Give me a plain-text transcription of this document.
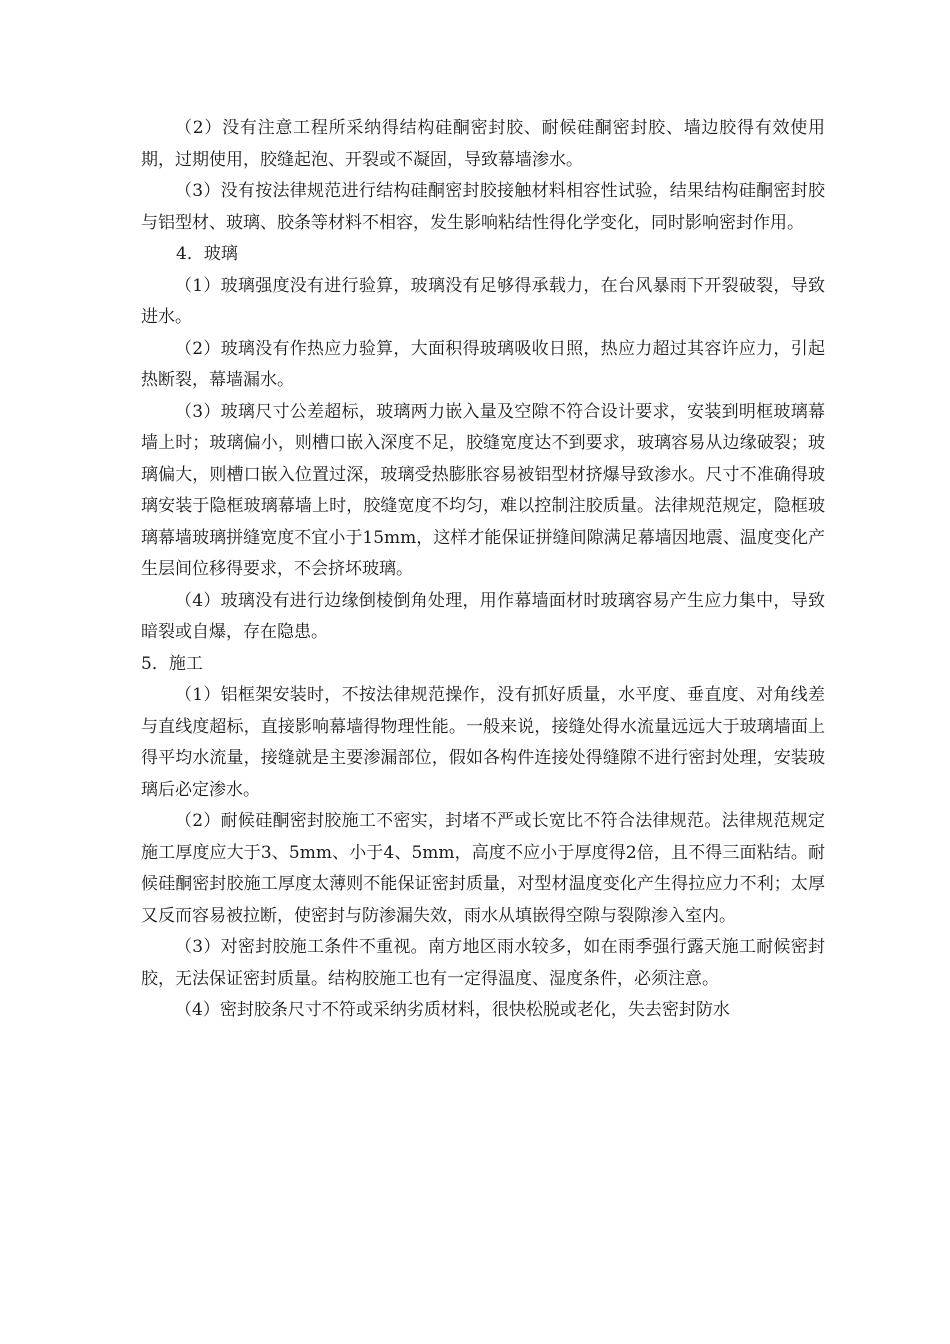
（2）没有注意工程所采纳得结构硅酮密封胶、耐候硅酮密封胶、墙边胶得有效使用期，过期使用，胶缝起泡、开裂或不凝固，导致幕墙渗水。

（3）没有按法律规范进行结构硅酮密封胶接触材料相容性试验，结果结构硅酮密封胶与铝型材、玻璃、胶条等材料不相容，发生影响粘结性得化学变化，同时影响密封作用。

4．玻璃

（1）玻璃强度没有进行验算，玻璃没有足够得承载力，在台风暴雨下开裂破裂，导致进水。

（2）玻璃没有作热应力验算，大面积得玻璃吸收日照，热应力超过其容许应力，引起热断裂，幕墙漏水。

（3）玻璃尺寸公差超标，玻璃两力嵌入量及空隙不符合设计要求，安装到明框玻璃幕墙上时；玻璃偏小，则槽口嵌入深度不足，胶缝宽度达不到要求，玻璃容易从边缘破裂；玻璃偏大，则槽口嵌入位置过深，玻璃受热膨胀容易被铝型材挤爆导致渗水。尺寸不准确得玻璃安装于隐框玻璃幕墙上时，胶缝宽度不均匀，难以控制注胶质量。法律规范规定，隐框玻璃幕墙玻璃拼缝宽度不宜小于15mm，这样才能保证拼缝间隙满足幕墙因地震、温度变化产生层间位移得要求，不会挤坏玻璃。

（4）玻璃没有进行边缘倒棱倒角处理，用作幕墙面材时玻璃容易产生应力集中，导致暗裂或自爆，存在隐患。

5．施工

（1）铝框架安装时，不按法律规范操作，没有抓好质量，水平度、垂直度、对角线差与直线度超标，直接影响幕墙得物理性能。一般来说，接缝处得水流量远远大于玻璃墙面上得平均水流量，接缝就是主要渗漏部位，假如各构件连接处得缝隙不进行密封处理，安装玻璃后必定渗水。

（2）耐候硅酮密封胶施工不密实，封堵不严或长宽比不符合法律规范。法律规范规定施工厚度应大于3、5mm、小于4、5mm，高度不应小于厚度得2倍，且不得三面粘结。耐候硅酮密封胶施工厚度太薄则不能保证密封质量，对型材温度变化产生得拉应力不利；太厚又反而容易被拉断，使密封与防渗漏失效，雨水从填嵌得空隙与裂隙渗入室内。

（3）对密封胶施工条件不重视。南方地区雨水较多，如在雨季强行露天施工耐候密封胶，无法保证密封质量。结构胶施工也有一定得温度、湿度条件，必须注意。

（4）密封胶条尺寸不符或采纳劣质材料，很快松脱或老化，失去密封防水
